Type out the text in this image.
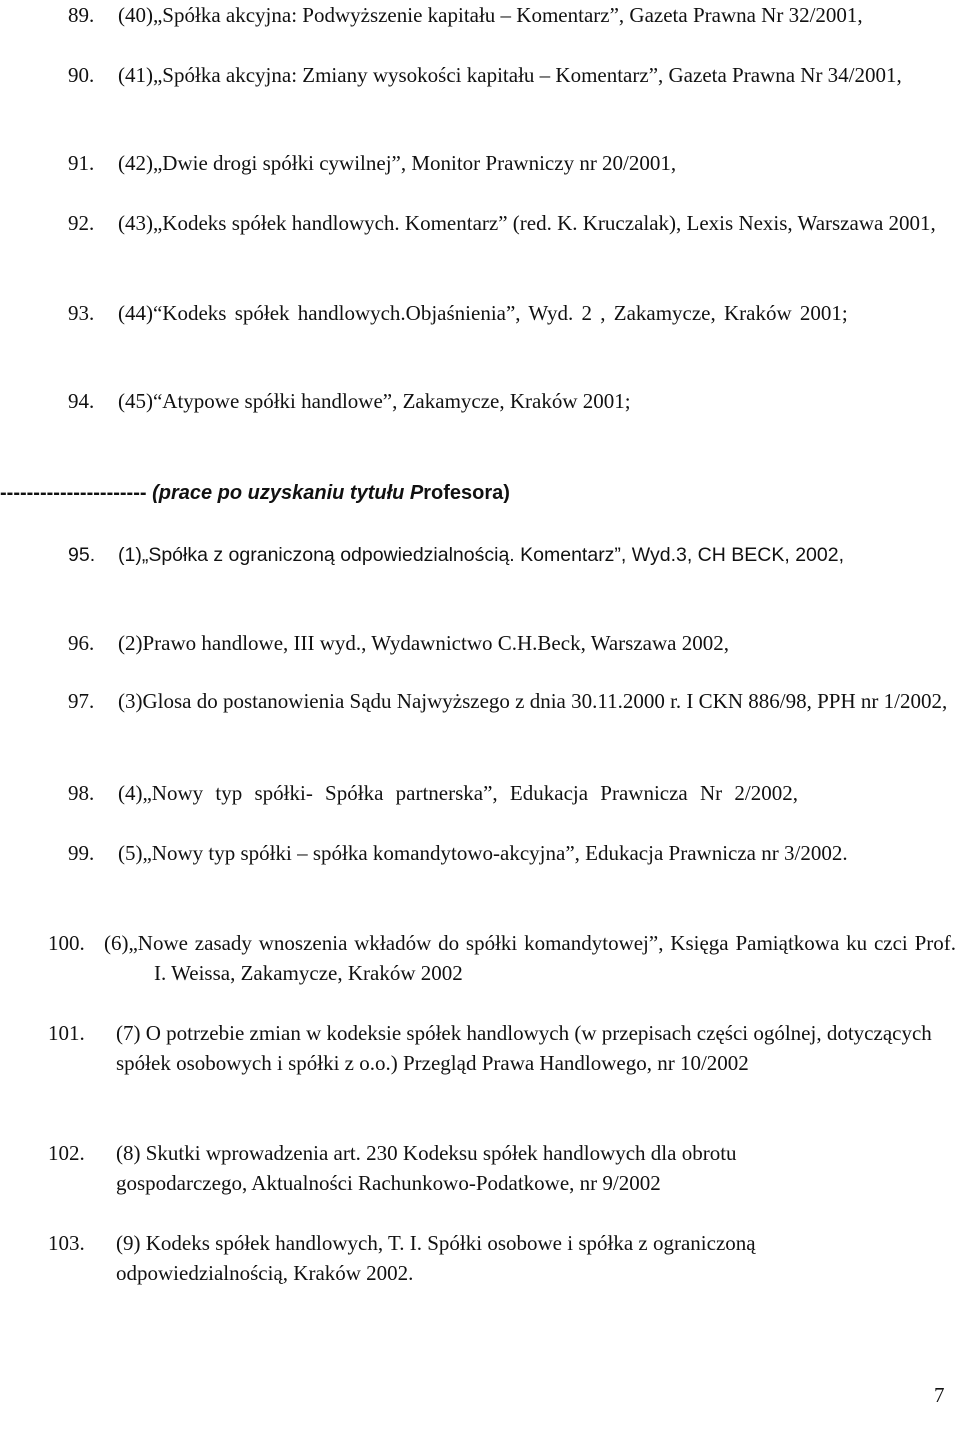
89.	(40)„Spółka akcyjna: Podwyższenie kapitału – Komentarz”, Gazeta Prawna Nr 32/2001,
90.	(41)„Spółka akcyjna: Zmiany wysokości kapitału – Komentarz”, Gazeta Prawna Nr 34/2001,
91.	(42)„Dwie drogi spółki cywilnej”, Monitor Prawniczy nr 20/2001,
92.	(43)„Kodeks spółek handlowych. Komentarz” (red. K. Kruczalak), Lexis Nexis, Warszawa 2001,
93.	(44)“Kodeks spółek handlowych.Objaśnienia”, Wyd. 2 , Zakamycze, Kraków 2001;
94.	(45)“Atypowe spółki handlowe”, Zakamycze, Kraków 2001;
---------------------- (prace po uzyskaniu tytułu Profesora)
95.	(1)„Spółka z ograniczoną odpowiedzialnością. Komentarz”, Wyd.3, CH BECK, 2002,
96.	(2)Prawo handlowe, III wyd., Wydawnictwo C.H.Beck, Warszawa 2002,
97.	(3)Glosa do postanowienia Sądu Najwyższego z dnia 30.11.2000 r. I CKN 886/98, PPH nr 1/2002,
98.	(4)„Nowy typ spółki- Spółka partnerska”, Edukacja Prawnicza Nr 2/2002,
99.	(5)„Nowy typ spółki – spółka komandytowo-akcyjna”, Edukacja Prawnicza nr 3/2002.
100. (6)„Nowe zasady wnoszenia wkładów do spółki komandytowej”, Księga Pamiątkowa ku czci Prof. I. Weissa, Zakamycze, Kraków 2002
101.	(7) O potrzebie zmian w kodeksie spółek handlowych (w przepisach części ogólnej, dotyczących spółek osobowych i spółki z o.o.) Przegląd Prawa Handlowego, nr 10/2002
102.	(8) Skutki wprowadzenia art. 230 Kodeksu spółek handlowych dla obrotu gospodarczego, Aktualności Rachunkowo-Podatkowe, nr 9/2002
103.	(9) Kodeks spółek handlowych, T. I. Spółki osobowe i spółka z ograniczoną odpowiedzialnością, Kraków 2002.
7
